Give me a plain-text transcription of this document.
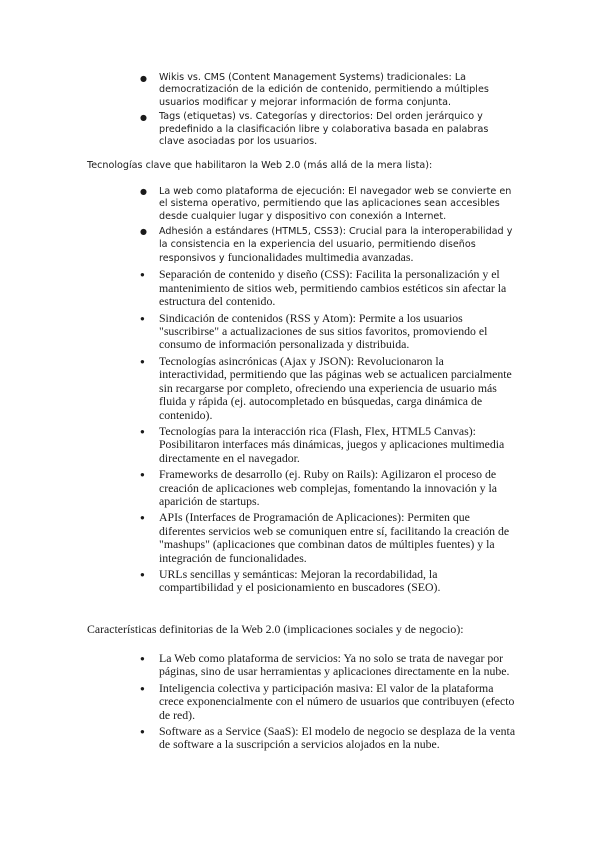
● Wikis vs. CMS (Content Management Systems) tradicionales: La democratización de la edición de contenido, permitiendo a múltiples usuarios modificar y mejorar información de forma conjunta.
● Tags (etiquetas) vs. Categorías y directorios: Del orden jerárquico y predefinido a la clasificación libre y colaborativa basada en palabras clave asociadas por los usuarios.
Tecnologías clave que habilitaron la Web 2.0 (más allá de la mera lista):
● La web como plataforma de ejecución: El navegador web se convierte en el sistema operativo, permitiendo que las aplicaciones sean accesibles desde cualquier lugar y dispositivo con conexión a Internet.
● Adhesión a estándares (HTML5, CSS3): Crucial para la interoperabilidad y la consistencia en la experiencia del usuario, permitiendo diseños responsivos y funcionalidades multimedia avanzadas.
● Separación de contenido y diseño (CSS): Facilita la personalización y el mantenimiento de sitios web, permitiendo cambios estéticos sin afectar la estructura del contenido.
● Sindicación de contenidos (RSS y Atom): Permite a los usuarios "suscribirse" a actualizaciones de sus sitios favoritos, promoviendo el consumo de información personalizada y distribuida.
● Tecnologías asincrónicas (Ajax y JSON): Revolucionaron la interactividad, permitiendo que las páginas web se actualicen parcialmente sin recargarse por completo, ofreciendo una experiencia de usuario más fluida y rápida (ej. autocompletado en búsquedas, carga dinámica de contenido).
● Tecnologías para la interacción rica (Flash, Flex, HTML5 Canvas): Posibilitaron interfaces más dinámicas, juegos y aplicaciones multimedia directamente en el navegador.
● Frameworks de desarrollo (ej. Ruby on Rails): Agilizaron el proceso de creación de aplicaciones web complejas, fomentando la innovación y la aparición de startups.
● APIs (Interfaces de Programación de Aplicaciones): Permiten que diferentes servicios web se comuniquen entre sí, facilitando la creación de "mashups" (aplicaciones que combinan datos de múltiples fuentes) y la integración de funcionalidades.
● URLs sencillas y semánticas: Mejoran la recordabilidad, la compartibilidad y el posicionamiento en buscadores (SEO).
Características definitorias de la Web 2.0 (implicaciones sociales y de negocio):
● La Web como plataforma de servicios: Ya no solo se trata de navegar por páginas, sino de usar herramientas y aplicaciones directamente en la nube.
● Inteligencia colectiva y participación masiva: El valor de la plataforma crece exponencialmente con el número de usuarios que contribuyen (efecto de red).
● Software as a Service (SaaS): El modelo de negocio se desplaza de la venta de software a la suscripción a servicios alojados en la nube.
